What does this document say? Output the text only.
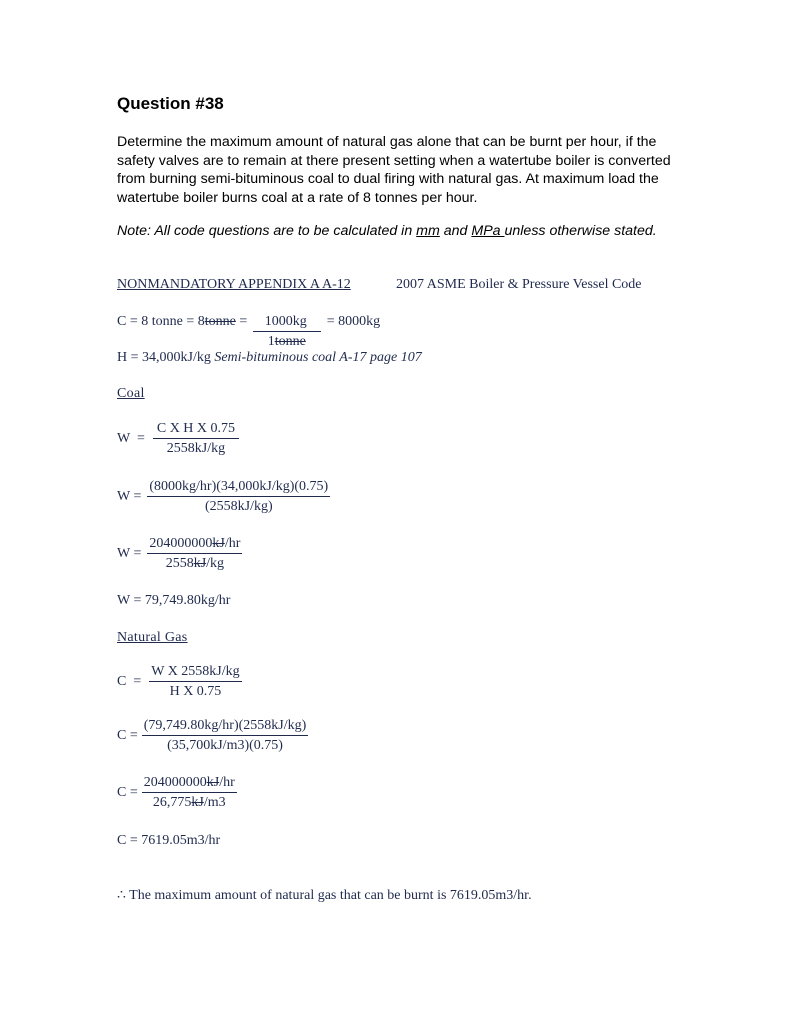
Question #38
Determine the maximum amount of natural gas alone that can be burnt per hour, if the safety valves are to remain at there present setting when a watertube boiler is converted from burning semi-bituminous coal to dual firing with natural gas. At maximum load the watertube boiler burns coal at a rate of 8 tonnes per hour.
Note: All code questions are to be calculated in mm and MPa unless otherwise stated.
NONMANDATORY APPENDIX A A-12	2007 ASME Boiler & Pressure Vessel Code
C = 8 tonne = 8 tonne = $\frac{1000kg}{\text{1tonne}} = 8000kg$
H = 34,000kJ/kg Semi-bituminous coal A-17 page 107
Coal
$W = \frac{\text{C X H X 0.75}}{2558kJ/kg}$
$W = \frac{(8000kg/hr)(34,000kJ/kg)(0.75)}{(2558kJ/kg)}$
$W = \frac{204000000kJ/hr}{2558kJ/kg}$
W = 79,749.80kg/hr
Natural Gas
$C = \frac{\text{W X 2558kJ/kg}}{\text{H X 0.75}}$
$C = \frac{(79,749.80kg/hr)(2558kJ/kg)}{(35,700kJ/m3)(0.75)}$
$C = \frac{204000000kJ/hr}{26,775kJ/m3}$
C = 7619.05m3/hr
∴ The maximum amount of natural gas that can be burnt is 7619.05m3/hr.
